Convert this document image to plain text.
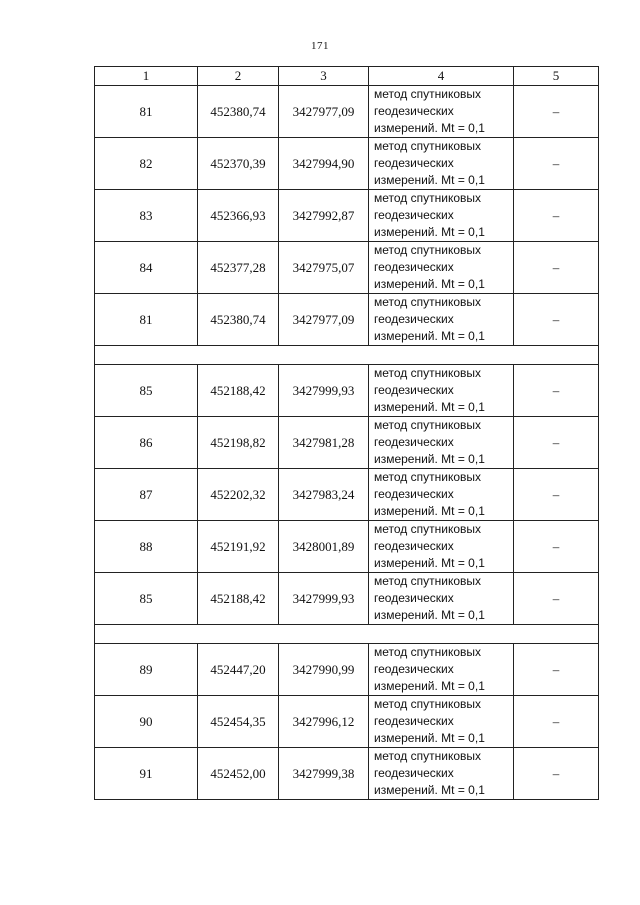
171
1	2	3	4	5
81	452380,74	3427977,09	метод спутниковых
геодезических
измерений. Mt = 0,1	–
82	452370,39	3427994,90	метод спутниковых
геодезических
измерений. Mt = 0,1	–
83	452366,93	3427992,87	метод спутниковых
геодезических
измерений. Mt = 0,1	–
84	452377,28	3427975,07	метод спутниковых
геодезических
измерений. Mt = 0,1	–
81	452380,74	3427977,09	метод спутниковых
геодезических
измерений. Mt = 0,1	–

85	452188,42	3427999,93	метод спутниковых
геодезических
измерений. Mt = 0,1	–
86	452198,82	3427981,28	метод спутниковых
геодезических
измерений. Mt = 0,1	–
87	452202,32	3427983,24	метод спутниковых
геодезических
измерений. Mt = 0,1	–
88	452191,92	3428001,89	метод спутниковых
геодезических
измерений. Mt = 0,1	–
85	452188,42	3427999,93	метод спутниковых
геодезических
измерений. Mt = 0,1	–

89	452447,20	3427990,99	метод спутниковых
геодезических
измерений. Mt = 0,1	–
90	452454,35	3427996,12	метод спутниковых
геодезических
измерений. Mt = 0,1	–
91	452452,00	3427999,38	метод спутниковых
геодезических
измерений. Mt = 0,1	–
